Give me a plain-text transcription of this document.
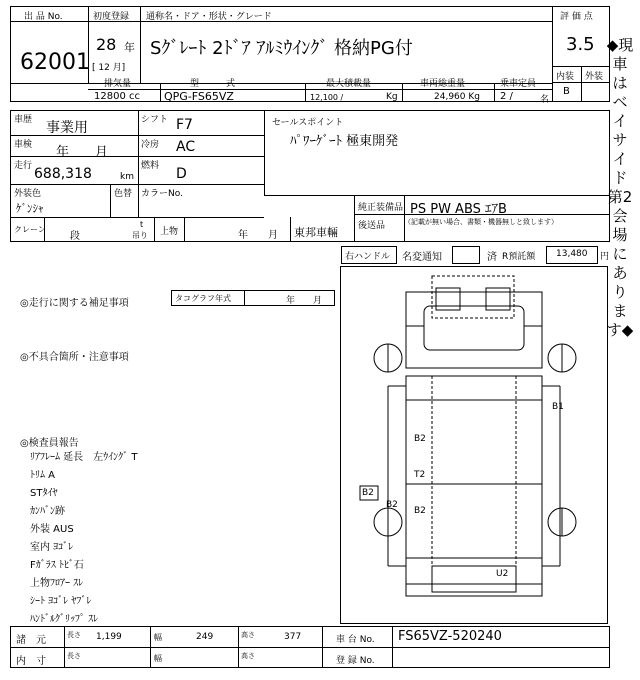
出 品 No.
62001
初度登録 通称名・ドア・形状・グレード
28 年
[ 12 月]
Sｸﾞﾚｰﾄ 2ﾄﾞｱ ｱﾙﾐｳｲﾝｸﾞ 格納PG付
評 価 点
3.5
内装 外装
B
排気量	型　　　式	最大積載量	車両総重量	乗車定員
12800 cc QPG-FS65VZ	12,100 /	Kg	24,960 Kg 2 /	名
車歴 事業用	シフト F7
車検 年　　月	冷房 AC
走行 688,318	km
燃料 D
外装色
ｹﾞﾝｼｬ
色替 カラーNo.
クレーン
段
t
吊り 上物	年　　月 東邦車輛
セールスポイント
ﾊﾟﾜｰｹﾞｰﾄ 極東開発
純正装備品 PS PW ABS ｴｱB
後送品	（記載が無い場合、書類・機器無しと致します）
右ハンドル 名変通知	済 R預託額 13,480 円
◎走行に関する補足事項	タコグラフ年式	年　　月
◎不具合箇所・注意事項
◎検査員報告
ﾘｱﾌﾚｰﾑ 延長　左ｳｲﾝｸﾞ T
ﾄﾘﾑ A
STﾀｲﾔ
ｶﾝﾊﾞﾝ跡
外装 AUS
室内 ﾖｺﾞﾚ
Fｶﾞﾗｽ ﾄﾋﾞ石
上物ﾌﾛｱｰ ｽﾚ
ｼｰﾄ ﾖｺﾞﾚ ﾔﾌﾞﾚ
ﾊﾝﾄﾞﾙｸﾞﾘｯﾌﾟ ｽﾚ
B1
B2
T2
B2
B2
B2
U2
◆現車はベイサイド第2会場にあります◆
諸　元	長さ 1,199	幅	249	高さ	377	車 台 No. FS65VZ-520240
内　寸	長さ	幅	高さ	登 録 No.
